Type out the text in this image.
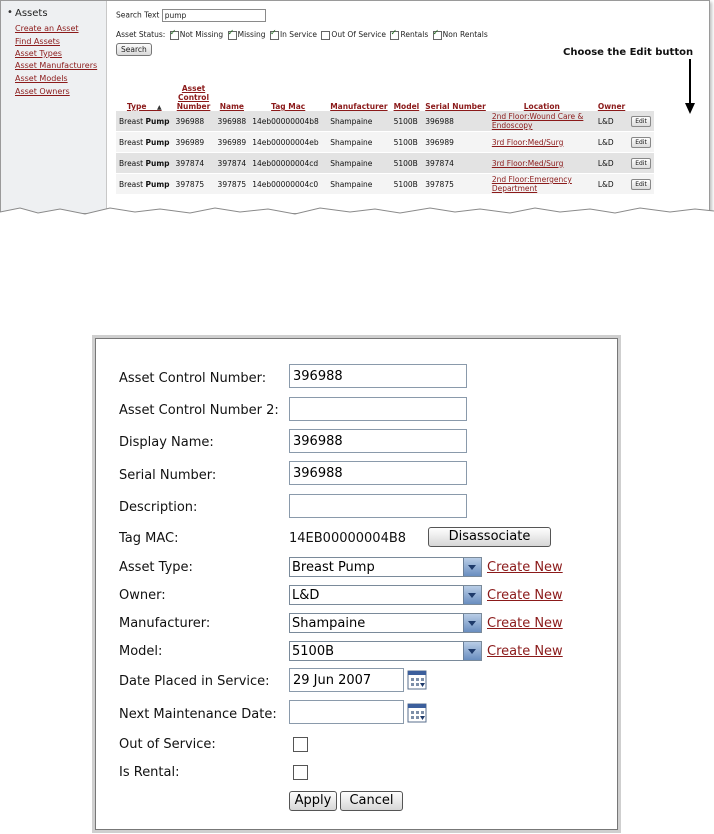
• Assets
Create an Asset
Find Assets
Asset Types
Asset Manufacturers
Asset Models
Asset Owners
Search Text pump
Asset Status: ✓ Not Missing ✓ Missing ✓ In Service Out Of Service ✓ Rentals ✓ Non Rentals
Search	Choose the Edit button
Type ▲	Asset Control Number	Name	Tag Mac	Manufacturer	Model	Serial Number	Location	Owner	
Breast Pump	396988	396988	14eb00000004b8	Shampaine	5100B	396988	2nd Floor:Wound Care & Endoscopy	L&D	Edit
Breast Pump	396989	396989	14eb00000004eb	Shampaine	5100B	396989	3rd Floor:Med/Surg	L&D	Edit
Breast Pump	397874	397874	14eb00000004cd	Shampaine	5100B	397874	3rd Floor:Med/Surg	L&D	Edit
Breast Pump	397875	397875	14eb00000004c0	Shampaine	5100B	397875	2nd Floor:Emergency Department	L&D	Edit
Asset Control Number:	396988
Asset Control Number 2:
Display Name:	396988
Serial Number:	396988
Description:
Tag MAC:	14EB00000004B8	Disassociate
Asset Type:	Breast Pump	Create New
Owner:	L&D	Create New
Manufacturer:	Shampaine	Create New
Model:	5100B	Create New
Date Placed in Service:	29 Jun 2007
Next Maintenance Date:
Out of Service:
Is Rental:
Apply	Cancel
